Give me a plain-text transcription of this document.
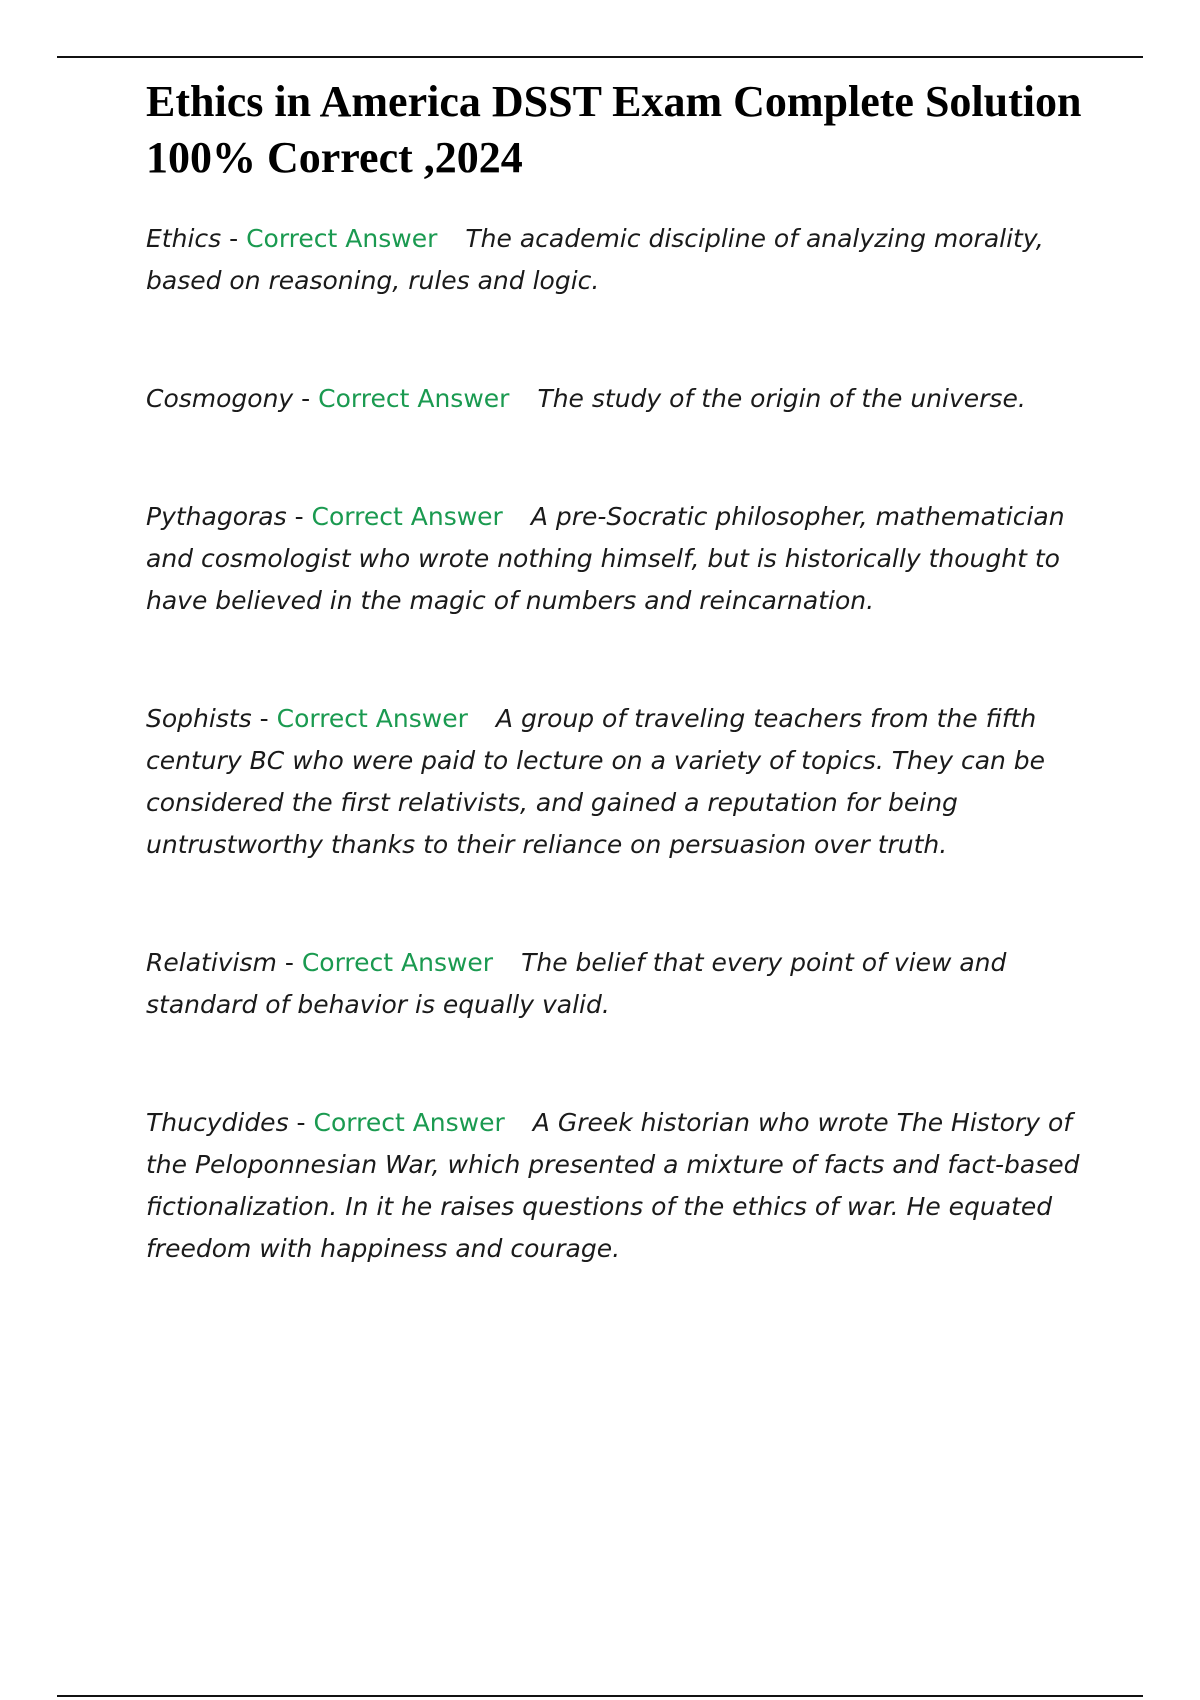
Ethics in America DSST Exam Complete Solution 100% Correct ,2024
Ethics - Correct Answer The academic discipline of analyzing morality, based on reasoning, rules and logic.
Cosmogony - Correct Answer The study of the origin of the universe.
Pythagoras - Correct Answer A pre-Socratic philosopher, mathematician and cosmologist who wrote nothing himself, but is historically thought to have believed in the magic of numbers and reincarnation.
Sophists - Correct Answer A group of traveling teachers from the fifth century BC who were paid to lecture on a variety of topics. They can be considered the first relativists, and gained a reputation for being untrustworthy thanks to their reliance on persuasion over truth.
Relativism - Correct Answer The belief that every point of view and standard of behavior is equally valid.
Thucydides - Correct Answer A Greek historian who wrote The History of the Peloponnesian War, which presented a mixture of facts and fact-based fictionalization. In it he raises questions of the ethics of war. He equated freedom with happiness and courage.
